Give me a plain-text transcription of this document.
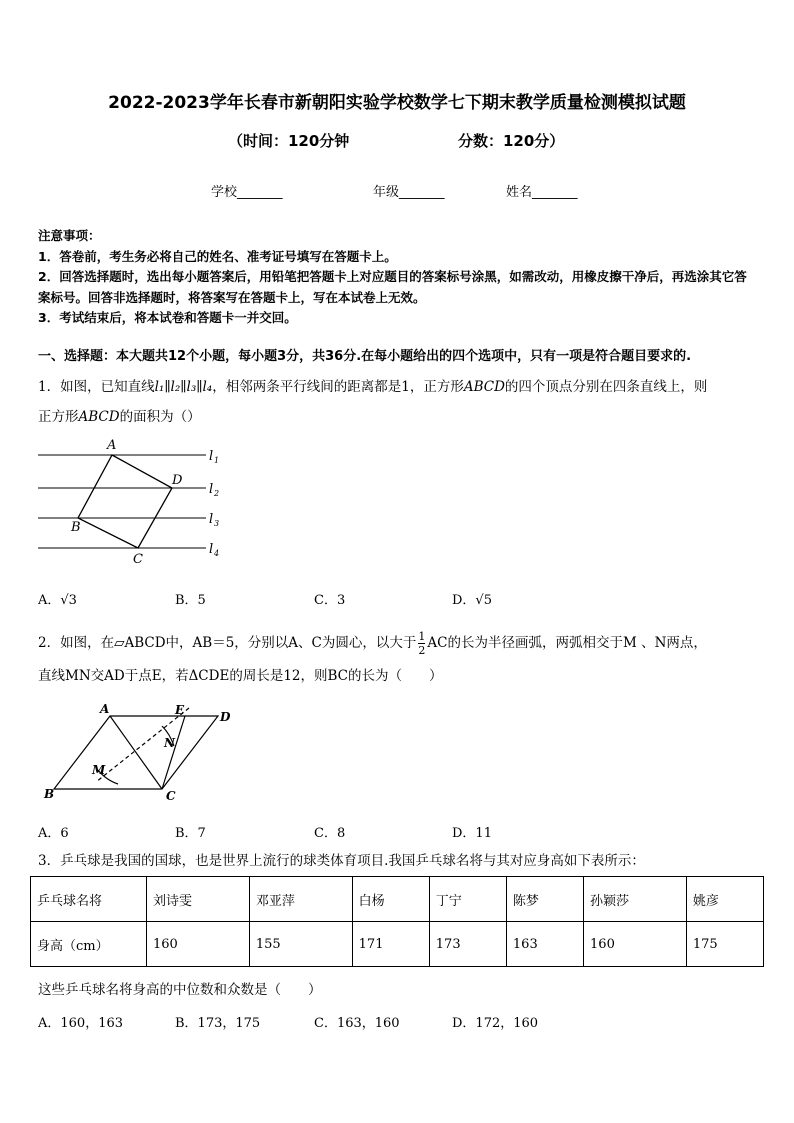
2022-2023学年长春市新朝阳实验学校数学七下期末教学质量检测模拟试题
（时间：120分钟	分数：120分）
学校_______	年级_______	姓名_______

注意事项：

1．答卷前，考生务必将自己的姓名、准考证号填写在答题卡上。

2．回答选择题时，选出每小题答案后，用铅笔把答题卡上对应题目的答案标号涂黑，如需改动，用橡皮擦干净后，再选涂其它答案标号。回答非选择题时，将答案写在答题卡上，写在本试卷上无效。

3．考试结束后，将本试卷和答题卡一并交回。

一、选择题：本大题共12个小题，每小题3分，共36分.在每小题给出的四个选项中，只有一项是符合题目要求的.
1．如图，已知直线l₁∥l₂∥l₃∥l₄，相邻两条平行线间的距离都是1，正方形ABCD的四个顶点分别在四条直线上，则
正方形ABCD的面积为（）
A
D
B
C
l 1
l 2
l 3
l 4
A．√3	B．5	C．3	D．√5
2．如图，在▱ABCD中，AB＝5，分别以A、C为圆心，以大于 $\frac{1}{2}$ AC的长为半径画弧，两弧相交于M 、N两点，
直线MN交AD于点E，若ΔCDE的周长是12，则BC的长为（　　）
A	E	D
N
M
B	C
A．6	B．7	C．8	D．11
3．乒乓球是我国的国球，也是世界上流行的球类体育项目.我国乒乓球名将与其对应身高如下表所示：
乒乓球名将	刘诗雯	邓亚萍	白杨	丁宁	陈梦	孙颖莎	姚彦
身高（cm）	160	155	171	173	163	160	175
这些乒乓球名将身高的中位数和众数是（　　）
A．160，163	B．173，175	C．163，160	D．172，160
